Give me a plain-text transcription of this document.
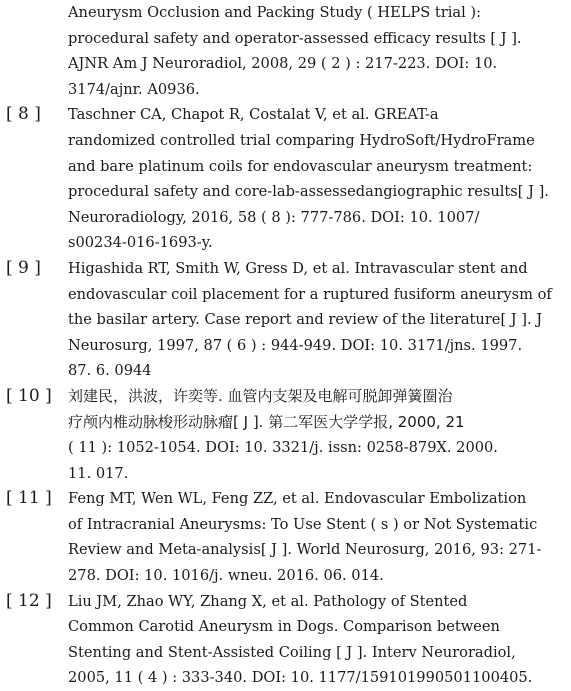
Aneurysm Occlusion and Packing Study ( HELPS trial ):
procedural safety and operator-assessed efficacy results [ J ].
AJNR Am J Neuroradiol, 2008, 29 ( 2 ) : 217-223. DOI: 10.
3174/ajnr. A0936.
[ 8 ] Taschner CA, Chapot R, Costalat V, et al. GREAT-a
randomized controlled trial comparing HydroSoft/HydroFrame
and bare platinum coils for endovascular aneurysm treatment:
procedural safety and core-lab-assessedangiographic results[ J ].
Neuroradiology, 2016, 58 ( 8 ): 777-786. DOI: 10. 1007/
s00234-016-1693-y.
[ 9 ] Higashida RT, Smith W, Gress D, et al. Intravascular stent and
endovascular coil placement for a ruptured fusiform aneurysm of
the basilar artery. Case report and review of the literature[ J ]. J
Neurosurg, 1997, 87 ( 6 ) : 944-949. DOI: 10. 3171/jns. 1997.
87. 6. 0944
[ 10 ] 刘建民，洪波，许奕等. 血管内支架及电解可脱卸弹簧圈治
疗颅内椎动脉梭形动脉瘤[ J ]. 第二军医大学学报, 2000, 21
( 11 ): 1052-1054. DOI: 10. 3321/j. issn: 0258-879X. 2000.
11. 017.
[ 11 ] Feng MT, Wen WL, Feng ZZ, et al. Endovascular Embolization
of Intracranial Aneurysms: To Use Stent ( s ) or Not Systematic
Review and Meta-analysis[ J ]. World Neurosurg, 2016, 93: 271-
278. DOI: 10. 1016/j. wneu. 2016. 06. 014.
[ 12 ] Liu JM, Zhao WY, Zhang X, et al. Pathology of Stented
Common Carotid Aneurysm in Dogs. Comparison between
Stenting and Stent-Assisted Coiling [ J ]. Interv Neuroradiol,
2005, 11 ( 4 ) : 333-340. DOI: 10. 1177/159101990501100405.
